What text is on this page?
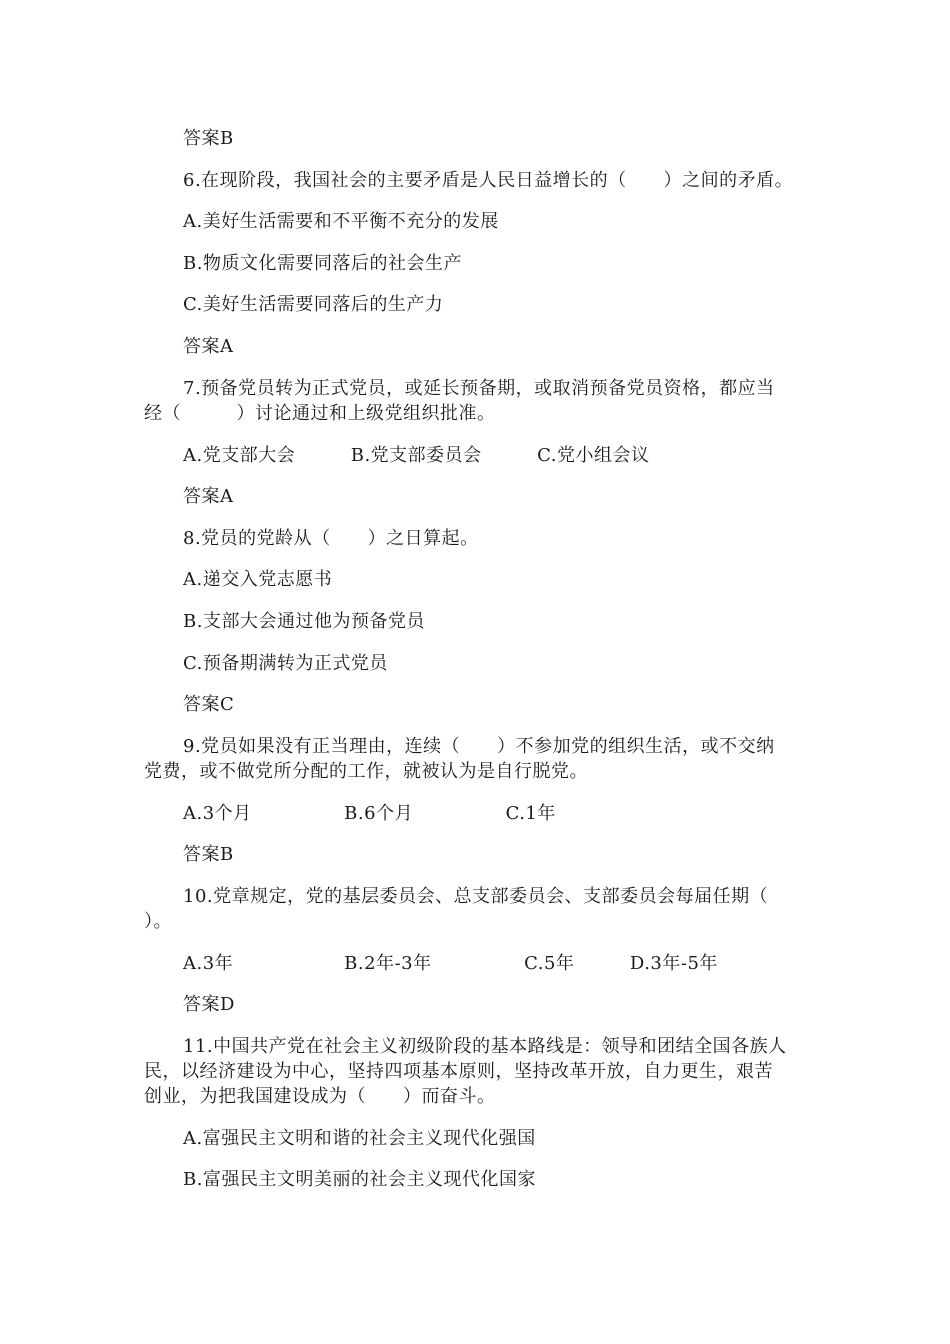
答案B
6.在现阶段，我国社会的主要矛盾是人民日益增长的（　　）之间的矛盾。
A.美好生活需要和不平衡不充分的发展
B.物质文化需要同落后的社会生产
C.美好生活需要同落后的生产力
答案A
7.预备党员转为正式党员，或延长预备期，或取消预备党员资格，都应当
经（　　　）讨论通过和上级党组织批准。
A.党支部大会　　　B.党支部委员会　　　C.党小组会议
答案A
8.党员的党龄从（　　）之日算起。
A.递交入党志愿书
B.支部大会通过他为预备党员
C.预备期满转为正式党员
答案C
9.党员如果没有正当理由，连续（　　）不参加党的组织生活，或不交纳
党费，或不做党所分配的工作，就被认为是自行脱党。
A.3个月　　　　　B.6个月　　　　　C.1年
答案B
10.党章规定，党的基层委员会、总支部委员会、支部委员会每届任期（
）。
A.3年　　　　　　B.2年-3年　　　　　C.5年　　　D.3年-5年
答案D
11.中国共产党在社会主义初级阶段的基本路线是：领导和团结全国各族人
民，以经济建设为中心，坚持四项基本原则，坚持改革开放，自力更生，艰苦
创业，为把我国建设成为（　　）而奋斗。
A.富强民主文明和谐的社会主义现代化强国
B.富强民主文明美丽的社会主义现代化国家
